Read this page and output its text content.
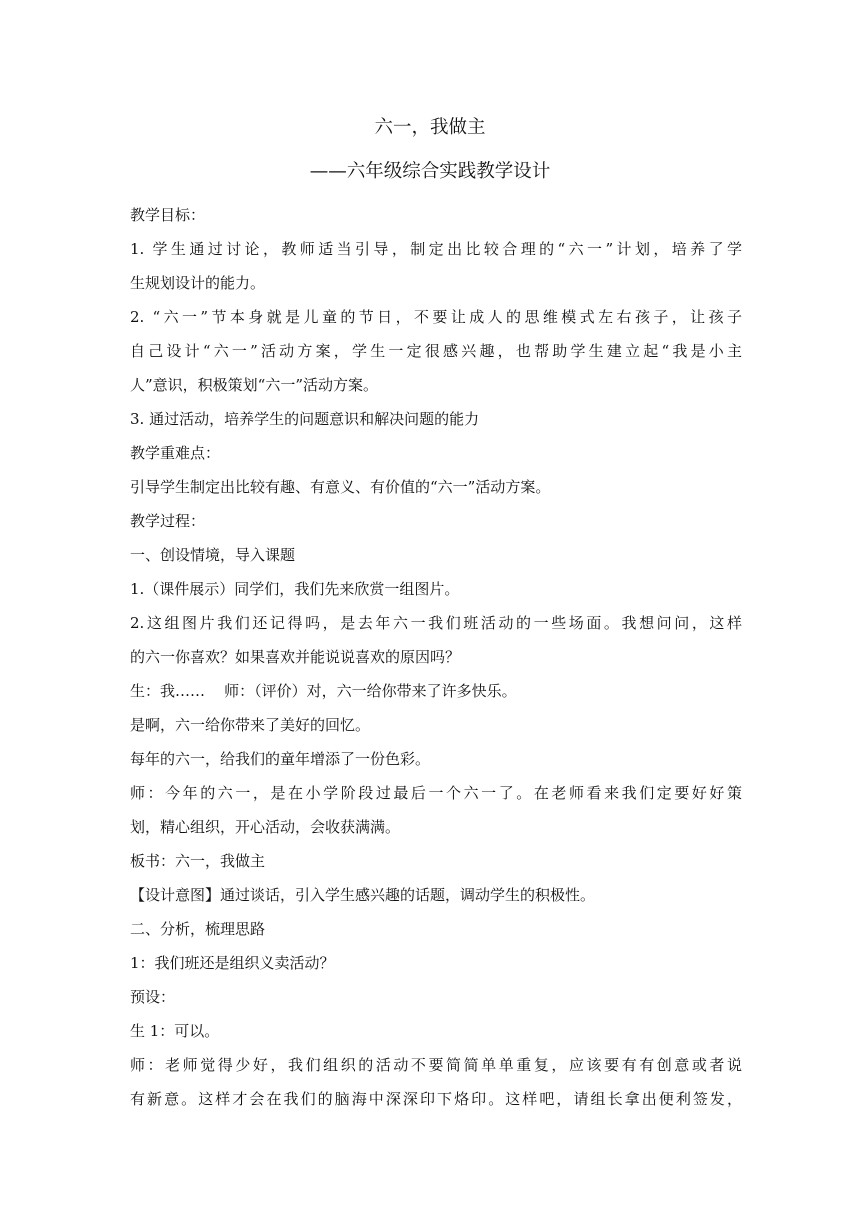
六一，我做主
——六年级综合实践教学设计
教学目标：
1. 学生通过讨论，教师适当引导，制定出比较合理的“六一”计划，培养了学
生规划设计的能力。
2. “六一”节本身就是儿童的节日，不要让成人的思维模式左右孩子，让孩子
自己设计“六一”活动方案，学生一定很感兴趣，也帮助学生建立起“我是小主
人”意识，积极策划“六一”活动方案。
3. 通过活动，培养学生的问题意识和解决问题的能力
教学重难点：
引导学生制定出比较有趣、有意义、有价值的“六一”活动方案。
教学过程：
一、创设情境，导入课题
1.（课件展示）同学们，我们先来欣赏一组图片。
2.这组图片我们还记得吗，是去年六一我们班活动的一些场面。我想问问，这样
的六一你喜欢？如果喜欢并能说说喜欢的原因吗？
生：我……    师：（评价）对，六一给你带来了许多快乐。
是啊，六一给你带来了美好的回忆。
每年的六一，给我们的童年增添了一份色彩。
师：今年的六一，是在小学阶段过最后一个六一了。在老师看来我们定要好好策
划，精心组织，开心活动，会收获满满。
板书：六一，我做主
【设计意图】通过谈话，引入学生感兴趣的话题，调动学生的积极性。
二、分析，梳理思路
1：我们班还是组织义卖活动？
预设：
生 1：可以。
师：老师觉得少好，我们组织的活动不要简简单单重复，应该要有有创意或者说
有新意。这样才会在我们的脑海中深深印下烙印。这样吧，请组长拿出便利签发，
